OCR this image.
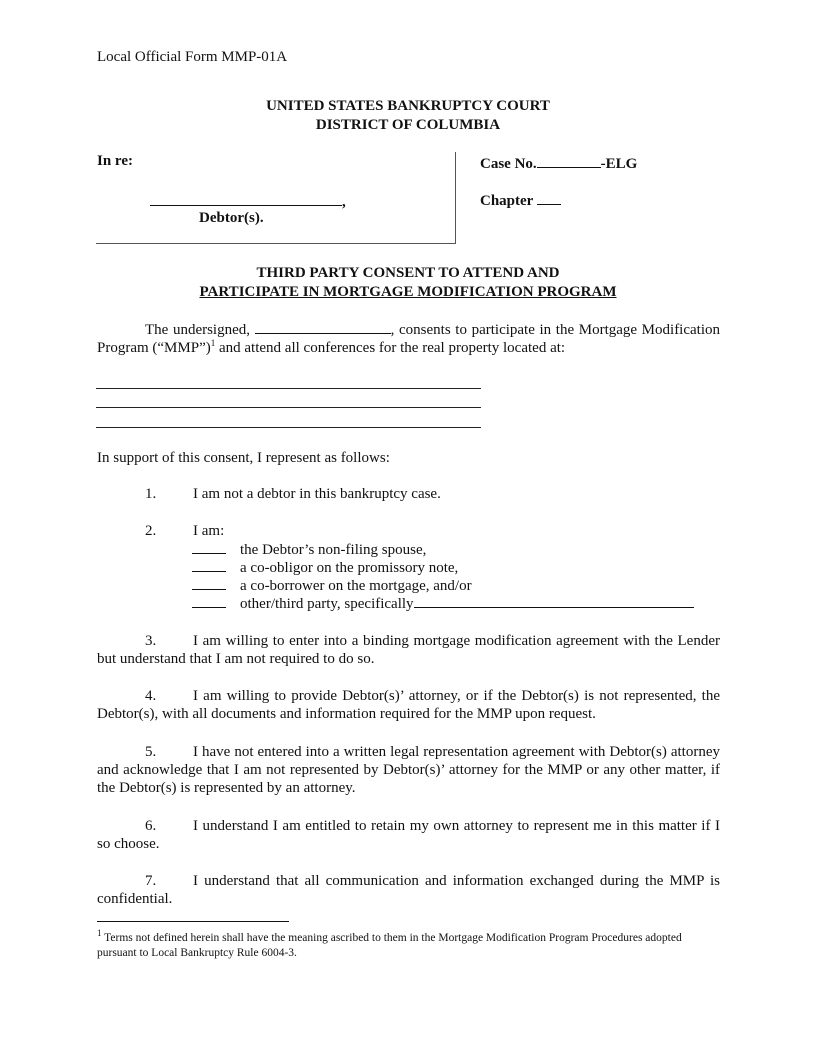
Local Official Form MMP-01A
UNITED STATES BANKRUPTCY COURT
DISTRICT OF COLUMBIA
In re:
,
Debtor(s).
Case No.	-ELG
Chapter
THIRD PARTY CONSENT TO ATTEND AND
PARTICIPATE IN MORTGAGE MODIFICATION PROGRAM
The undersigned,	, consents to participate in the Mortgage Modification Program (“MMP”)$^1$ and attend all conferences for the real property located at:
In support of this consent, I represent as follows:
1. I am not a debtor in this bankruptcy case.
2. I am:
the Debtor’s non-filing spouse,
a co-obligor on the promissory note,
a co-borrower on the mortgage, and/or
other/third party, specifically
3. I am willing to enter into a binding mortgage modification agreement with the Lender but understand that I am not required to do so.
4. I am willing to provide Debtor(s)’ attorney, or if the Debtor(s) is not represented, the Debtor(s), with all documents and information required for the MMP upon request.
5. I have not entered into a written legal representation agreement with Debtor(s) attorney and acknowledge that I am not represented by Debtor(s)’ attorney for the MMP or any other matter, if the Debtor(s) is represented by an attorney.
6. I understand I am entitled to retain my own attorney to represent me in this matter if I so choose.
7. I understand that all communication and information exchanged during the MMP is confidential.
$^1$ Terms not defined herein shall have the meaning ascribed to them in the Mortgage Modification Program Procedures adopted pursuant to Local Bankruptcy Rule 6004-3.
